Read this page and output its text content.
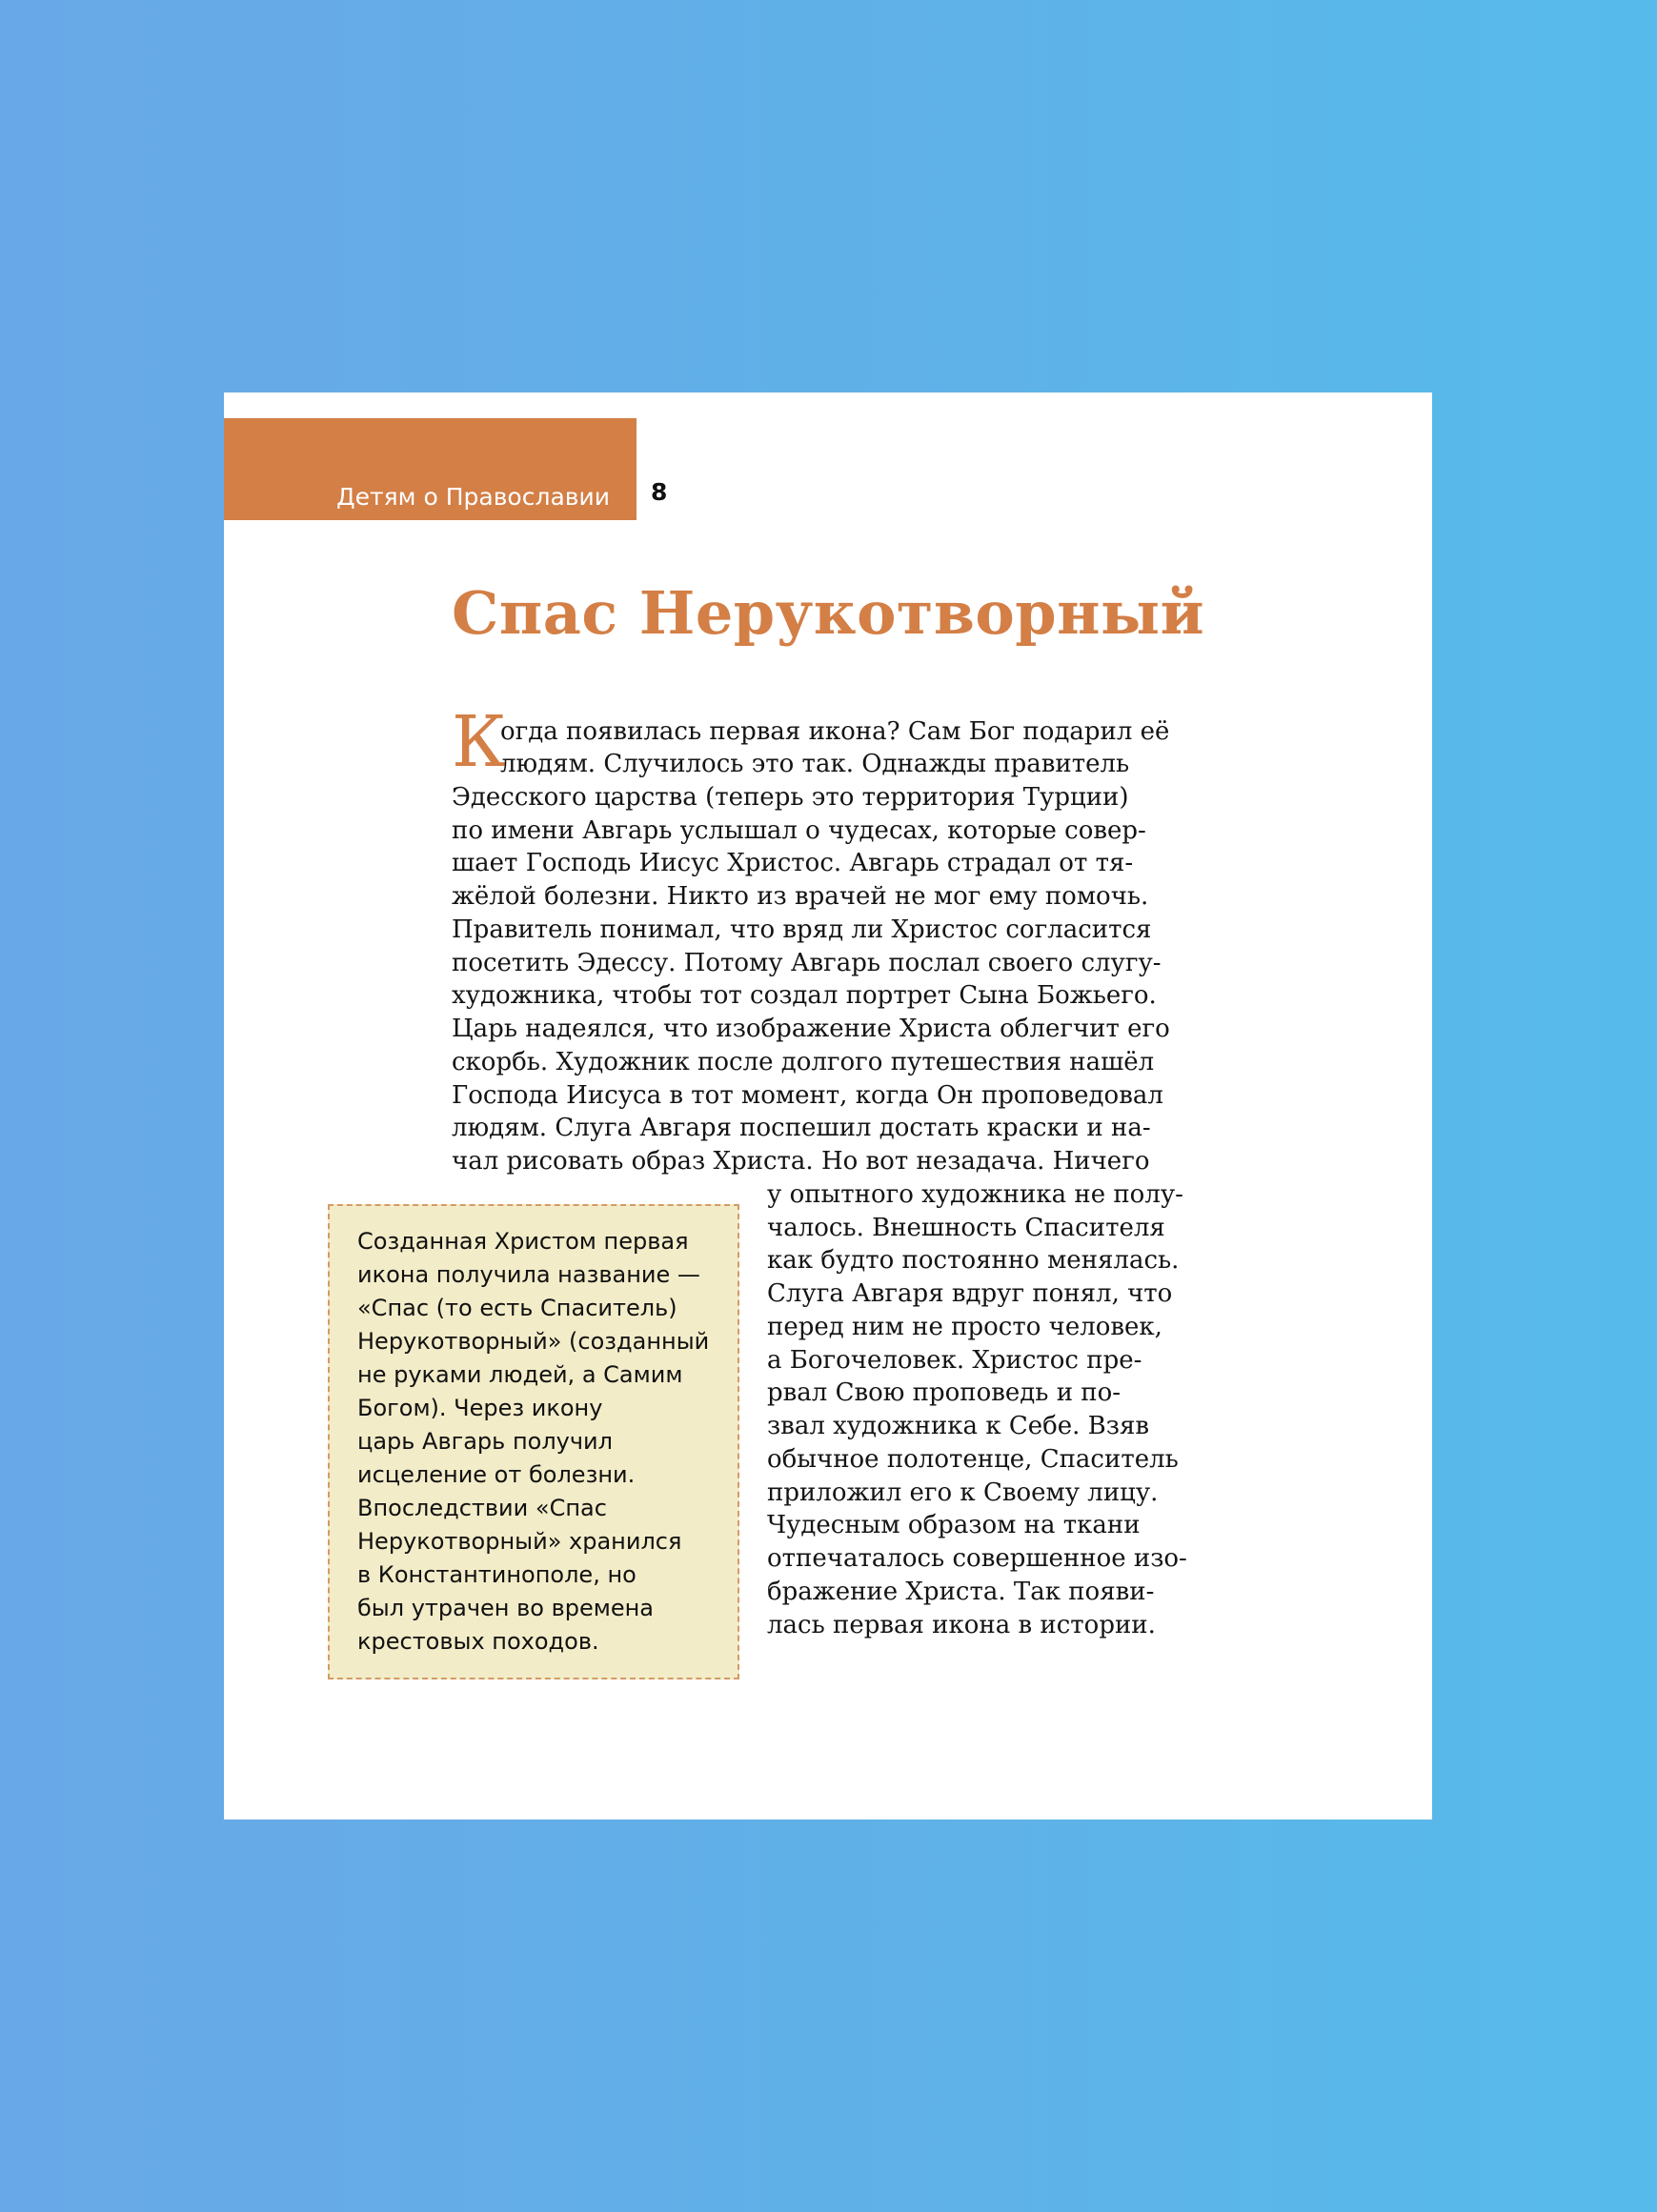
Детям о Православии 8
Спас Нерукотворный
К

огда появилась первая икона? Сам Бог подарил её

людям. Случилось это так. Однажды правитель

Эдесского царства (теперь это территория Турции)

по имени Авгарь услышал о чудесах, которые совер-

шает Господь Иисус Христос. Авгарь страдал от тя-

жёлой болезни. Никто из врачей не мог ему помочь.

Правитель понимал, что вряд ли Христос согласится

посетить Эдессу. Потому Авгарь послал своего слугу-

художника, чтобы тот создал портрет Сына Божьего.

Царь надеялся, что изображение Христа облегчит его

скорбь. Художник после долгого путешествия нашёл

Господа Иисуса в тот момент, когда Он проповедовал

людям. Слуга Авгаря поспешил достать краски и на-

чал рисовать образ Христа. Но вот незадача. Ничего

у опытного художника не полу-

чалось. Внешность Спасителя

как будто постоянно менялась.

Слуга Авгаря вдруг понял, что

перед ним не просто человек,

а Богочеловек. Христос пре-

рвал Свою проповедь и по-

звал художника к Себе. Взяв

обычное полотенце, Спаситель

приложил его к Своему лицу.

Чудесным образом на ткани

отпечаталось совершенное изо-

бражение Христа. Так появи-

лась первая икона в истории.

Созданная Христом первая

икона получила название —

«Спас (то есть Спаситель)

Нерукотворный» (созданный

не руками людей, а Самим

Богом). Через икону

царь Авгарь получил

исцеление от болезни.

Впоследствии «Спас

Нерукотворный» хранился

в Константинополе, но

был утрачен во времена

крестовых походов.
